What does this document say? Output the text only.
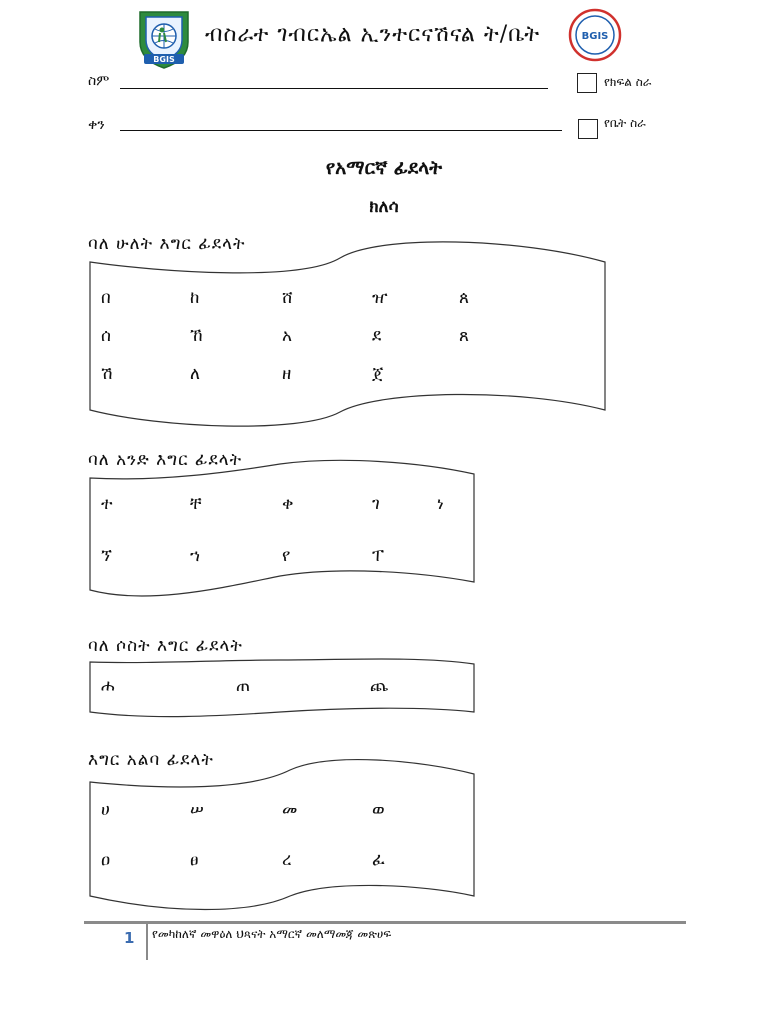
BGIS
ብስራተ ገብርኤል ኢንተርናሽናል ት/ቤት	BGIS
ስም	የክፍል ስራ
ቀን	የቤት ስራ
የአማርኛ ፊደላት
ክለሳ
ባለ ሁለት እግር ፊደላት
በ	ከ	ሸ	ዠ	ጰ
ሰ	ኸ	አ	ደ	ጸ
ሽ	ለ	ዘ	ጀ
ባለ አንድ እግር ፊደላት
ተ	ቸ	ቀ	ገ	ነ
ኘ	ኀ	የ	ፐ
ባለ ሶስት እግር ፊደላት
ሐ	ጠ	ጨ
እግር አልባ ፊደላት
ሀ	ሠ	መ	ወ
ዐ	ፀ	ረ	ፈ
1 የመካከለኛ መዋዕለ ህጻናት አማርኛ መለማመጃ መጽሀፍ
